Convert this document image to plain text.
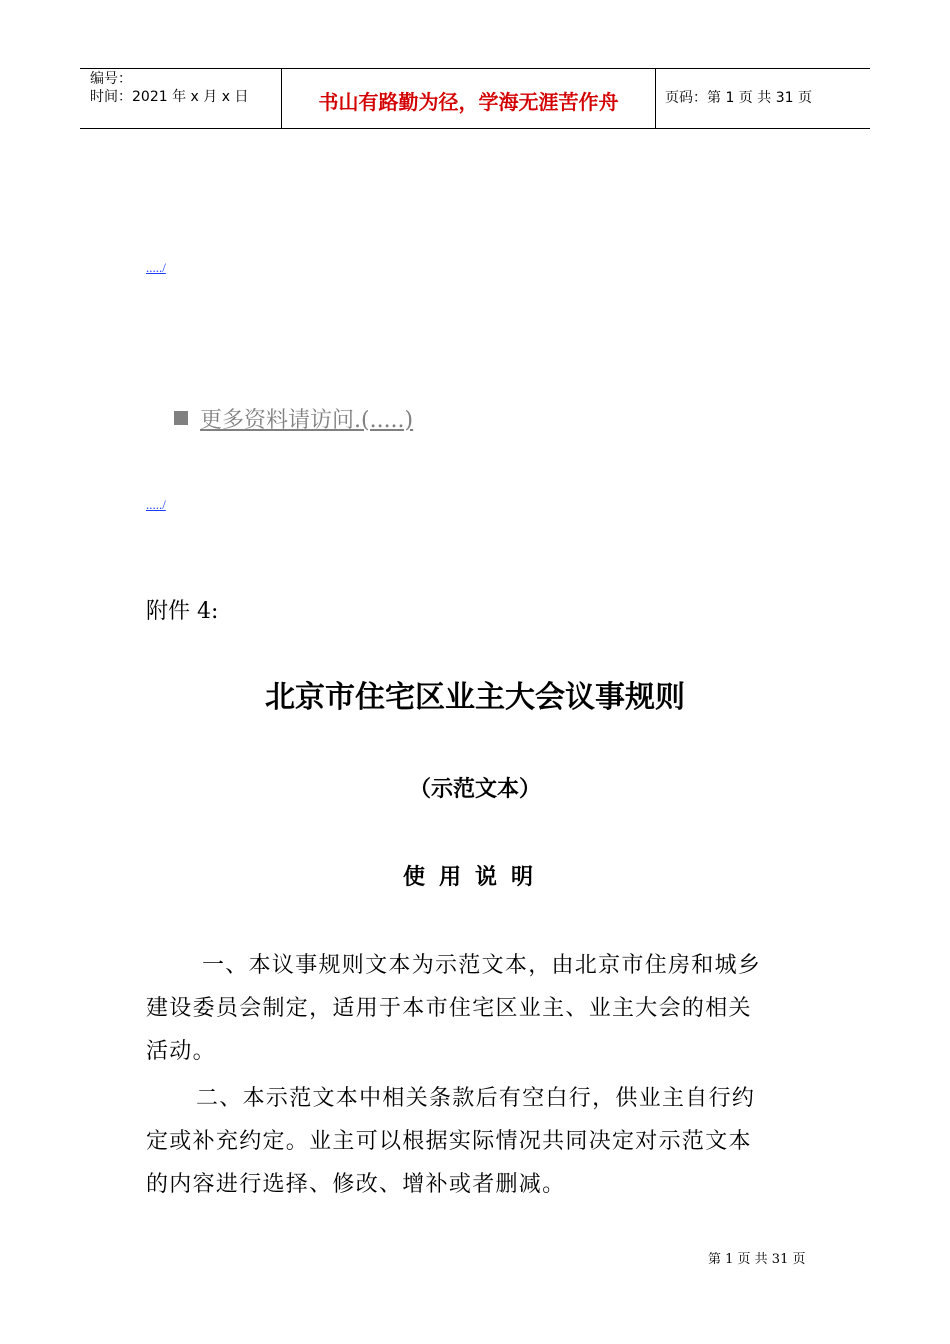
编号：
时间：2021 年 x 月 x 日	书山有路勤为径，学海无涯苦作舟	页码：第 1 页 共 31 页
...../
更多资料请访问.(.....)
...../
附件 4:
北京市住宅区业主大会议事规则
（示范文本）
使用说明
一、本议事规则文本为示范文本，由北京市住房和城乡
建设委员会制定，适用于本市住宅区业主、业主大会的相关
活动。
二、本示范文本中相关条款后有空白行，供业主自行约
定或补充约定。业主可以根据实际情况共同决定对示范文本
的内容进行选择、修改、增补或者删减。
第 1 页 共 31 页
